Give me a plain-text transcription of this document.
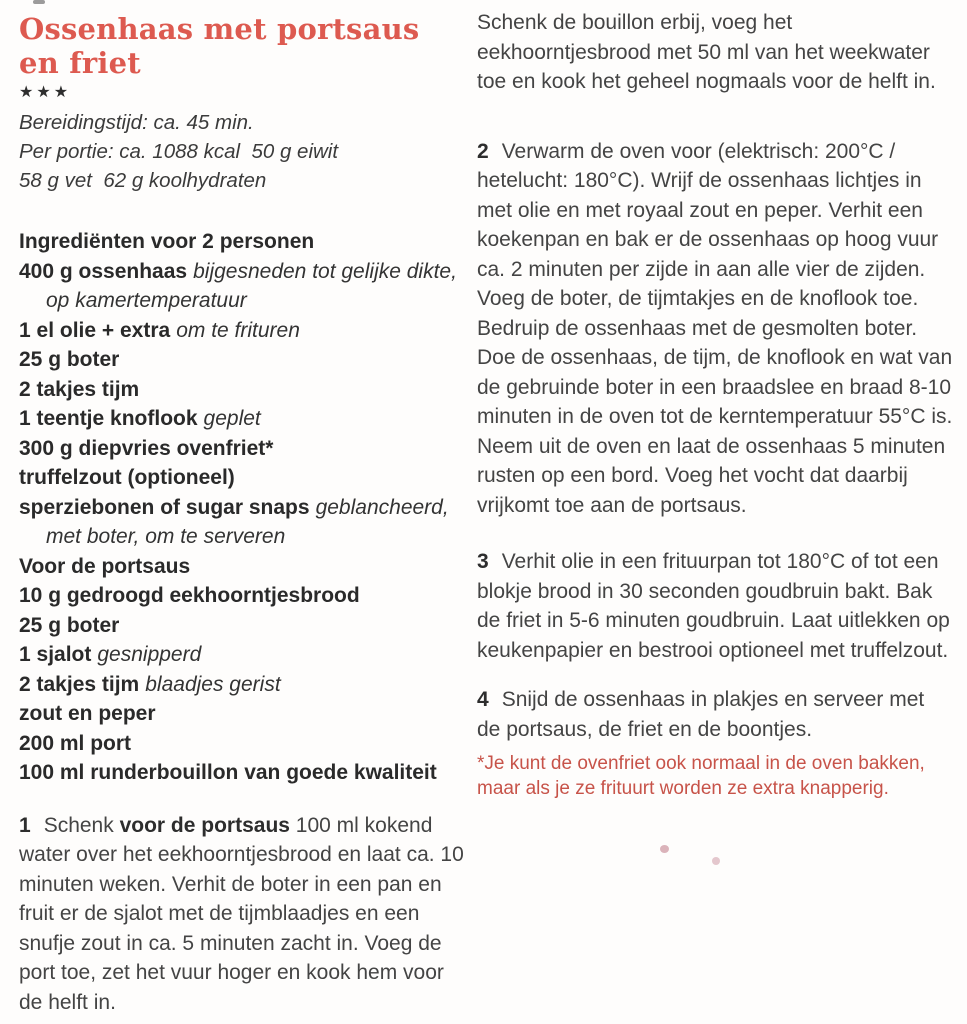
Ossenhaas met portsaus
en friet
★★★
Bereidingstijd: ca. 45 min.
Per portie: ca. 1088 kcal  50 g eiwit
58 g vet  62 g koolhydraten
Ingrediënten voor 2 personen
400 g ossenhaas bijgesneden tot gelijke dikte,
op kamertemperatuur
1 el olie + extra om te frituren
25 g boter
2 takjes tijm
1 teentje knoflook geplet
300 g diepvries ovenfriet*
truffelzout (optioneel)
sperziebonen of sugar snaps geblancheerd,
met boter, om te serveren
Voor de portsaus
10 g gedroogd eekhoorntjesbrood
25 g boter
1 sjalot gesnipperd
2 takjes tijm blaadjes gerist
zout en peper
200 ml port
100 ml runderbouillon van goede kwaliteit

1 Schenk voor de portsaus 100 ml kokend water over het eekhoorntjesbrood en laat ca. 10 minuten weken. Verhit de boter in een pan en fruit er de sjalot met de tijmblaadjes en een snufje zout in ca. 5 minuten zacht in. Voeg de port toe, zet het vuur hoger en kook hem voor de helft in.

Schenk de bouillon erbij, voeg het eekhoorntjesbrood met 50 ml van het weekwater toe en kook het geheel nogmaals voor de helft in.

2 Verwarm de oven voor (elektrisch: 200°C / hetelucht: 180°C). Wrijf de ossenhaas lichtjes in met olie en met royaal zout en peper. Verhit een koekenpan en bak er de ossenhaas op hoog vuur ca. 2 minuten per zijde in aan alle vier de zijden. Voeg de boter, de tijmtakjes en de knoflook toe. Bedruip de ossenhaas met de gesmolten boter. Doe de ossenhaas, de tijm, de knoflook en wat van de gebruinde boter in een braadslee en braad 8-10 minuten in de oven tot de kerntemperatuur 55°C is. Neem uit de oven en laat de ossenhaas 5 minuten rusten op een bord. Voeg het vocht dat daarbij vrijkomt toe aan de portsaus.

3 Verhit olie in een frituurpan tot 180°C of tot een blokje brood in 30 seconden goudbruin bakt. Bak de friet in 5-6 minuten goudbruin. Laat uitlekken op keukenpapier en bestrooi optioneel met truffelzout.

4 Snijd de ossenhaas in plakjes en serveer met de portsaus, de friet en de boontjes.

*Je kunt de ovenfriet ook normaal in de oven bakken, maar als je ze frituurt worden ze extra knapperig.
